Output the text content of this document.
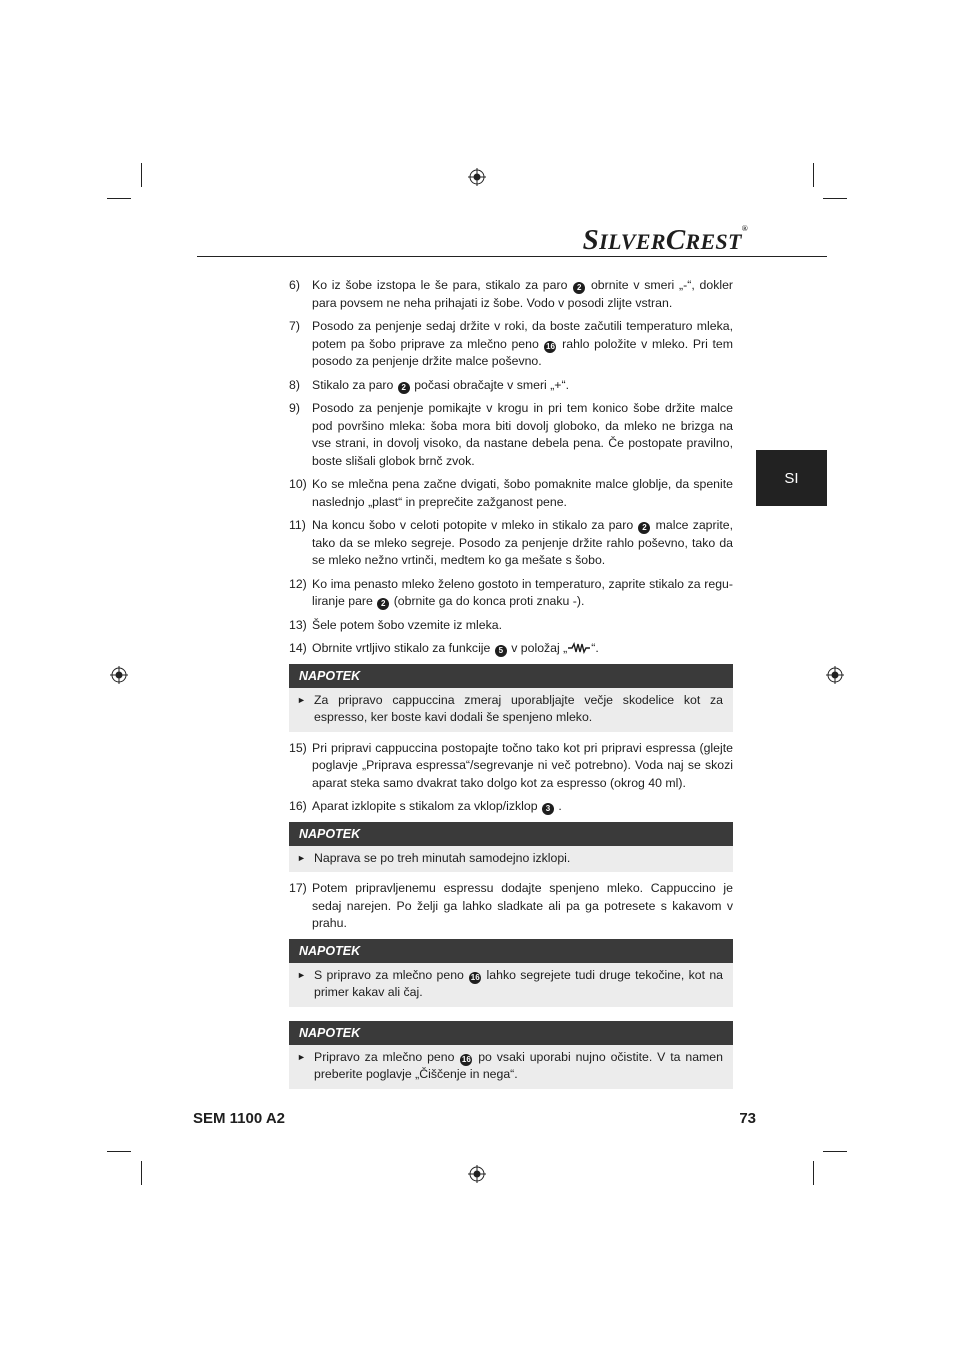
SILVERCREST®
SI
6) Ko iz šobe izstopa le še para, stikalo za paro 2 obrnite v smeri „-“, dokler para povsem ne neha prihajati iz šobe. Vodo v posodi zlijte vstran.
7) Posodo za penjenje sedaj držite v roki, da boste začutili temperaturo mleka, potem pa šobo priprave za mlečno peno 16 rahlo položite v mleko. Pri tem posodo za penjenje držite malce poševno.
8) Stikalo za paro 2 počasi obračajte v smeri „+“.
9) Posodo za penjenje pomikajte v krogu in pri tem konico šobe držite malce pod površino mleka: šoba mora biti dovolj globoko, da mleko ne brizga na vse strani, in dovolj visoko, da nastane debela pena. Če postopate pravilno, boste slišali globok brnč zvok.
10) Ko se mlečna pena začne dvigati, šobo pomaknite malce globlje, da spenite naslednjo „plast“ in preprečite zažganost pene.
11) Na koncu šobo v celoti potopite v mleko in stikalo za paro 2 malce zaprite, tako da se mleko segreje. Posodo za penjenje držite rahlo poševno, tako da se mleko nežno vrtinči, medtem ko ga mešate s šobo.
12) Ko ima penasto mleko želeno gostoto in temperaturo, zaprite stikalo za regu-liranje pare 2 (obrnite ga do konca proti znaku -).
13) Šele potem šobo vzemite iz mleka.
14) Obrnite vrtljivo stikalo za funkcije 5 v položaj „ “.
NAPOTEK
► Za pripravo cappuccina zmeraj uporabljajte večje skodelice kot za espresso, ker boste kavi dodali še spenjeno mleko.
15) Pri pripravi cappuccina postopajte točno tako kot pri pripravi espressa (glejte poglavje „Priprava espressa“/segrevanje ni več potrebno). Voda naj se skozi aparat steka samo dvakrat tako dolgo kot za espresso (okrog 40 ml).
16) Aparat izklopite s stikalom za vklop/izklop 3 .
NAPOTEK
► Naprava se po treh minutah samodejno izklopi.
17) Potem pripravljenemu espressu dodajte spenjeno mleko. Cappuccino je sedaj narejen. Po želji ga lahko sladkate ali pa ga potresete s kakavom v prahu.
NAPOTEK
► S pripravo za mlečno peno 16 lahko segrejete tudi druge tekočine, kot na primer kakav ali čaj.
NAPOTEK
► Pripravo za mlečno peno 16 po vsaki uporabi nujno očistite. V ta namen preberite poglavje „Čiščenje in nega“.
SEM 1100 A2	73
